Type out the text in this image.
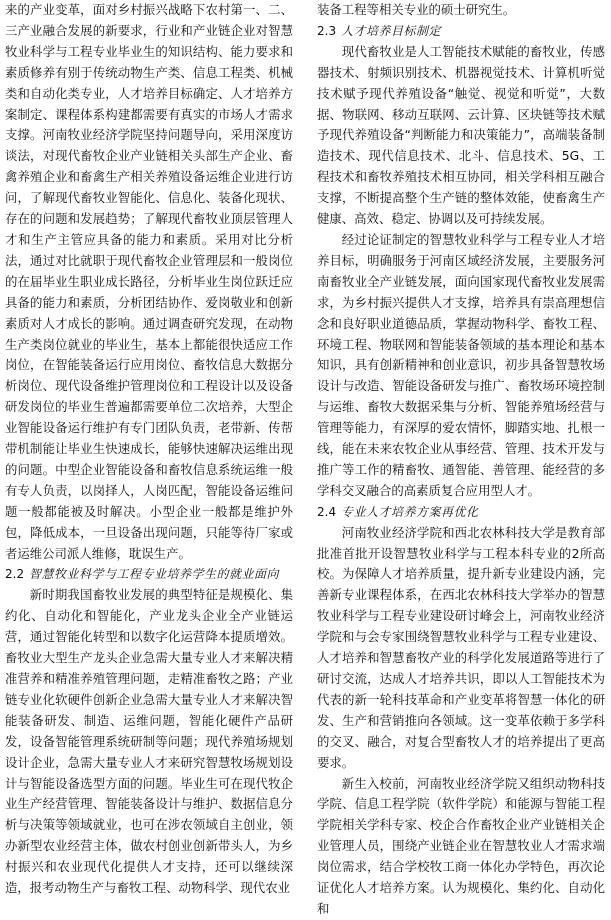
来的产业变革，面对乡村振兴战略下农村第一、二、三产业融合发展的新要求，行业和产业链企业对智慧牧业科学与工程专业毕业生的知识结构、能力要求和素质修养有别于传统动物生产类、信息工程类、机械类和自动化类专业，人才培养目标确定、人才培养方案制定、课程体系构建都需要有真实的市场人才需求支撑。河南牧业经济学院坚持问题导向，采用深度访谈法，对现代畜牧企业产业链相关头部生产企业、畜禽养殖企业和畜禽生产相关养殖设备运维企业进行访问，了解现代畜牧业智能化、信息化、装备化现状、存在的问题和发展趋势；了解现代畜牧业顶层管理人才和生产主管应具备的能力和素质。采用对比分析法，通过对比就职于现代畜牧企业管理层和一般岗位的在届毕业生职业成长路径，分析毕业生岗位跃迁应具备的能力和素质，分析团结协作、爱岗敬业和创新素质对人才成长的影响。通过调查研究发现，在动物生产类岗位就业的毕业生，基本上都能很快适应工作岗位，在智能装备运行应用岗位、畜牧信息大数据分析岗位、现代设备维护管理岗位和工程设计以及设备研发岗位的毕业生普遍都需要单位二次培养，大型企业智能设备运行维护有专门团队负责，老带新、传帮带机制能让毕业生快速成长，能够快速解决运维出现的问题。中型企业智能设备和畜牧信息系统运维一般有专人负责，以岗择人，人岗匹配，智能设备运维问题一般都能被及时解决。小型企业一般都是维护外包，降低成本，一旦设备出现问题，只能等待厂家或者运维公司派人维修，耽误生产。

2.2 智慧牧业科学与工程专业培养学生的就业面向

新时期我国畜牧业发展的典型特征是规模化、集约化、自动化和智能化，产业龙头企业全产业链运营，通过智能化转型和以数字化运营降本提质增效。畜牧业大型生产龙头企业急需大量专业人才来解决精准营养和精准养殖管理问题，走精准畜牧之路；产业链专业化软硬件创新企业急需大量专业人才来解决智能装备研发、制造、运维问题，智能化硬件产品研发，设备智能管理系统研制等问题；现代养殖场规划设计企业，急需大量专业人才来研究智慧牧场规划设计与智能设备选型方面的问题。毕业生可在现代牧企业生产经营管理、智能装备设计与维护、数据信息分析与决策等领域就业，也可在涉农领域自主创业，领办新型农业经营主体，做农村创业创新带头人，为乡村振兴和农业现代化提供人才支持，还可以继续深造，报考动物生产与畜牧工程、动物科学、现代农业

装备工程等相关专业的硕士研究生。

2.3 人才培养目标制定

现代畜牧业是人工智能技术赋能的畜牧业，传感器技术、射频识别技术、机器视觉技术、计算机听觉技术赋予现代养殖设备“触觉、视觉和听觉”，大数据、物联网、移动互联网、云计算、区块链等技术赋予现代养殖设备“判断能力和决策能力”，高端装备制造技术、现代信息技术、北斗、信息技术、5G、工程技术和畜牧养殖技术相互协同，相关学科相互融合支撑，不断提高整个生产链的整体效能，使畜禽生产健康、高效、稳定、协调以及可持续发展。

经过论证制定的智慧牧业科学与工程专业人才培养目标，明确服务于河南区域经济发展，主要服务河南畜牧业全产业链发展，面向国家现代畜牧业发展需求，为乡村振兴提供人才支撑，培养具有崇高理想信念和良好职业道德品质，掌握动物科学、畜牧工程、环境工程、物联网和智能装备领域的基本理论和基本知识，具有创新精神和创业意识，初步具备智慧牧场设计与改造、智能设备研发与推广、畜牧场环境控制与运维、畜牧大数据采集与分析、智能养殖场经营与管理等能力，有深厚的爱农情怀，脚踏实地、扎根一线，能在未来农牧企业从事经营、管理、技术开发与推广等工作的精畜牧、通智能、善管理、能经营的多学科交叉融合的高素质复合应用型人才。

2.4 专业人才培养方案再优化

河南牧业经济学院和西北农林科技大学是教育部批准首批开设智慧牧业科学与工程本科专业的2所高校。为保障人才培养质量，提升新专业建设内涵，完善新专业课程体系，在西北农林科技大学举办的智慧牧业科学与工程专业建设研讨峰会上，河南牧业经济学院和与会专家围绕智慧牧业科学与工程专业建设、人才培养和智慧畜牧产业的科学化发展道路等进行了研讨交流，达成人才培养共识，即以人工智能技术为代表的新一轮科技革命和产业变革将智慧一体化的研发、生产和营销推向各领域。这一变革依赖于多学科的交叉、融合，对复合型畜牧人才的培养提出了更高要求。

新生入校前，河南牧业经济学院又组织动物科技学院、信息工程学院（软件学院）和能源与智能工程学院相关学科专家、校企合作畜牧企业产业链相关企业管理人员，围绕产业链企业在智慧牧业人才需求端岗位需求，结合学校牧工商一体化办学特色，再次论证优化人才培养方案。认为规模化、集约化、自动化和
